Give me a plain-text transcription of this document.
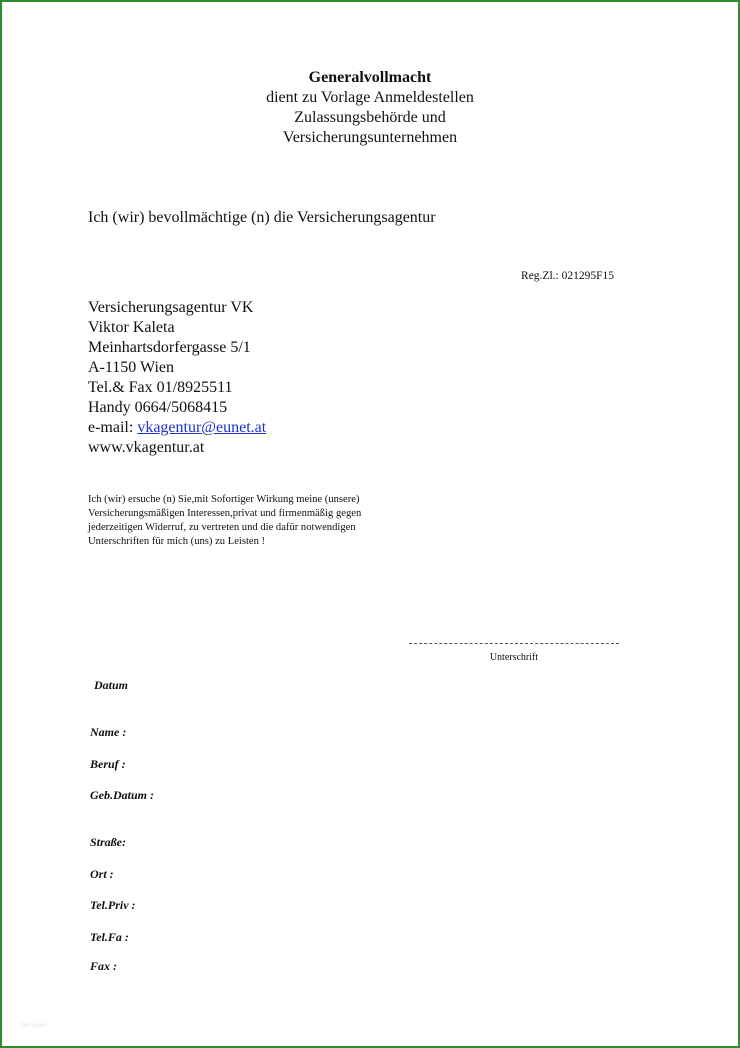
Generalvollmacht
dient zu Vorlage Anmeldestellen
Zulassungsbehörde und
Versicherungsunternehmen
Ich (wir) bevollmächtige (n) die Versicherungsagentur
Reg.Zl.: 021295F15
Versicherungsagentur VK
Viktor Kaleta
Meinhartsdorfergasse 5/1
A-1150 Wien
Tel.& Fax 01/8925511
Handy 0664/5068415
e-mail: vkagentur@eunet.at
www.vkagentur.at
Ich (wir) ersuche (n) Sie,mit Sofortiger Wirkung meine (unsere)
Versicherungsmäßigen Interessen,privat und firmenmäßig gegen
jederzeitigen Widerruf, zu vertreten und die dafür notwendigen
Unterschriften für mich (uns) zu Leisten !
Unterschrift
Datum
Name :
Beruf :
Geb.Datum :
Straße:
Ort :
Tel.Priv :
Tel.Fa :
Fax :
Vorlagen
